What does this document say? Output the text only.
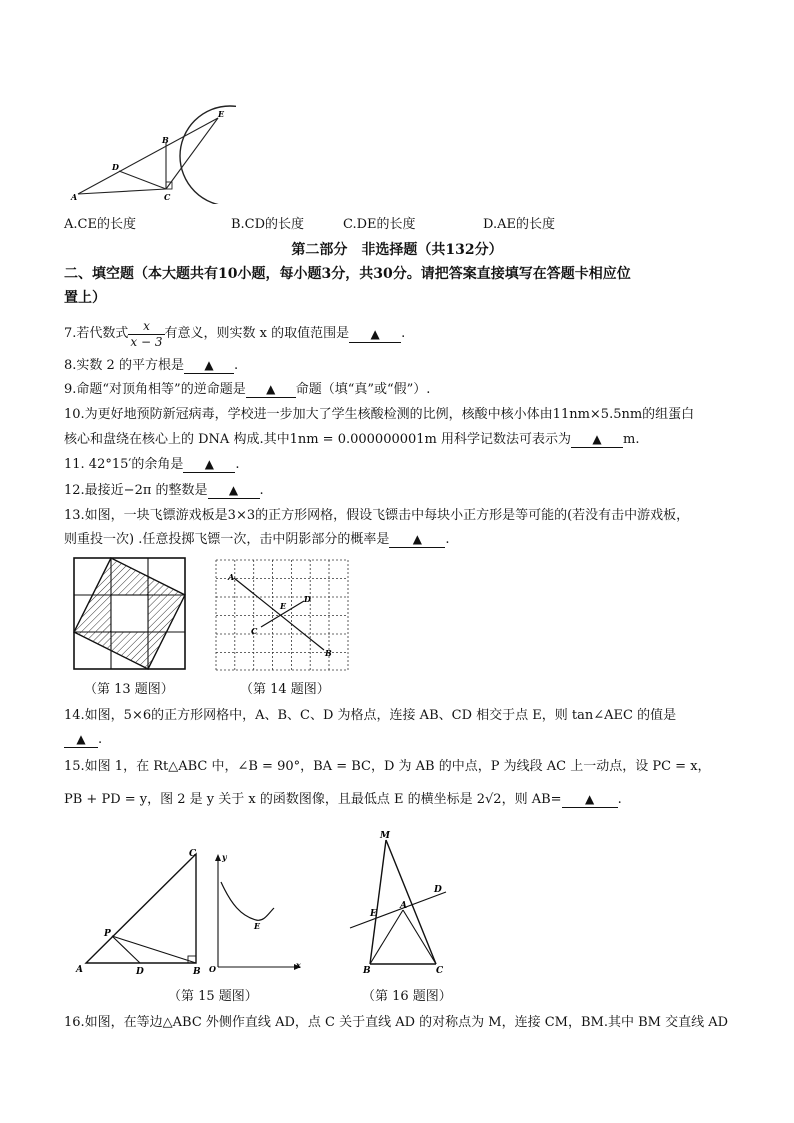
A
B
C
D
E
A.CE的长度	B.CD的长度	C.DE的长度	D.AE的长度
第二部分　非选择题（共132分）
二、填空题（本大题共有10小题，每小题3分，共30分。请把答案直接填写在答题卡相应位
置上）
7.若代数式 $\frac{x}{x - 3}$ 有意义，则实数 x 的取值范围是	▲	.
8.实数 2 的平方根是 ▲ .
9.命题“对顶角相等”的逆命题是 ▲ 命题（填“真”或“假”）.
10.为更好地预防新冠病毒，学校进一步加大了学生核酸检测的比例，核酸中核小体由11nm×5.5nm的组蛋白
核心和盘绕在核心上的 DNA 构成.其中1nm = 0.000000001m 用科学记数法可表示为 ▲ m.
11. 42°15′的余角是 ▲ .
12.最接近−2π 的整数是 ▲ .
13.如图，一块飞镖游戏板是3×3的正方形网格，假设飞镖击中每块小正方形是等可能的(若没有击中游戏板，
则重投一次) .任意投掷飞镖一次，击中阴影部分的概率是 ▲ .
A
B
C
D
E
（第 13 题图）	（第 14 题图）
14.如图，5×6的正方形网格中，A、B、C、D 为格点，连接 AB、CD 相交于点 E，则 tan∠AEC 的值是
▲ .
15.如图 1，在 Rt△ABC 中，∠B = 90°，BA = BC，D 为 AB 的中点，P 为线段 AC 上一动点，设 PC = x，
PB + PD = y，图 2 是 y 关于 x 的函数图像，且最低点 E 的横坐标是 2√2，则 AB= ▲ .
A	B
C
D
P
y
x
O
E
M
A
B	C
D
E
（第 15 题图）	（第 16 题图）
16.如图，在等边△ABC 外侧作直线 AD，点 C 关于直线 AD 的对称点为 M，连接 CM，BM.其中 BM 交直线 AD
